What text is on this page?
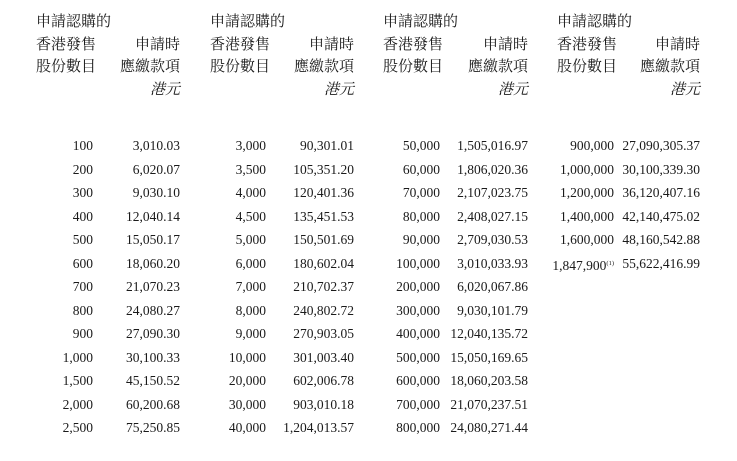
申請認購的
香港發售
股份數目
申請時
應繳款項
港元
申請認購的
香港發售
股份數目
申請時
應繳款項
港元
申請認購的
香港發售
股份數目
申請時
應繳款項
港元
申請認購的
香港發售
股份數目
申請時
應繳款項
港元
100
200
300
400
500
600
700
800
900
1,000
1,500
2,000
2,500
3,010.03
6,020.07
9,030.10
12,040.14
15,050.17
18,060.20
21,070.23
24,080.27
27,090.30
30,100.33
45,150.52
60,200.68
75,250.85
3,000
3,500
4,000
4,500
5,000
6,000
7,000
8,000
9,000
10,000
20,000
30,000
40,000
90,301.01
105,351.20
120,401.36
135,451.53
150,501.69
180,602.04
210,702.37
240,802.72
270,903.05
301,003.40
602,006.78
903,010.18
1,204,013.57
50,000
60,000
70,000
80,000
90,000
100,000
200,000
300,000
400,000
500,000
600,000
700,000
800,000
1,505,016.97
1,806,020.36
2,107,023.75
2,408,027.15
2,709,030.53
3,010,033.93
6,020,067.86
9,030,101.79
12,040,135.72
15,050,169.65
18,060,203.58
21,070,237.51
24,080,271.44
900,000
1,000,000
1,200,000
1,400,000
1,600,000
1,847,900$^{(1)}$
27,090,305.37
30,100,339.30
36,120,407.16
42,140,475.02
48,160,542.88
55,622,416.99
